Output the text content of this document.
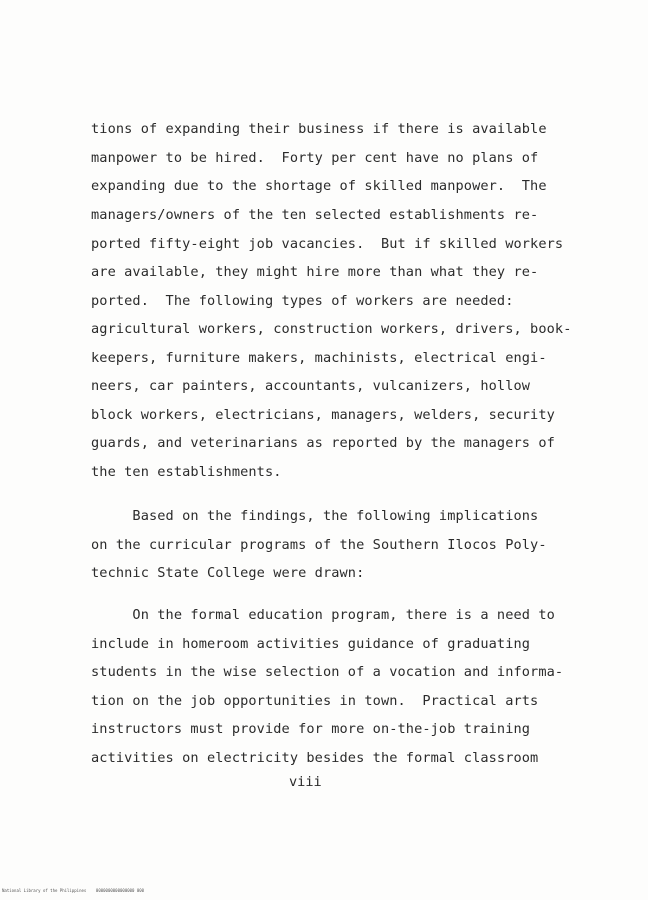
tions of expanding their business if there is available
manpower to be hired.  Forty per cent have no plans of
expanding due to the shortage of skilled manpower.  The
managers/owners of the ten selected establishments re-
ported fifty-eight job vacancies.  But if skilled workers
are available, they might hire more than what they re-
ported.  The following types of workers are needed:
agricultural workers, construction workers, drivers, book-
keepers, furniture makers, machinists, electrical engi-
neers, car painters, accountants, vulcanizers, hollow
block workers, electricians, managers, welders, security
guards, and veterinarians as reported by the managers of
the ten establishments.
Based on the findings, the following implications
on the curricular programs of the Southern Ilocos Poly-
technic State College were drawn:
On the formal education program, there is a need to
include in homeroom activities guidance of graduating
students in the wise selection of a vocation and informa-
tion on the job opportunities in town.  Practical arts
instructors must provide for more on-the-job training
activities on electricity besides the formal classroom
viii
National Library of the Philippines    0000000000000000 000
